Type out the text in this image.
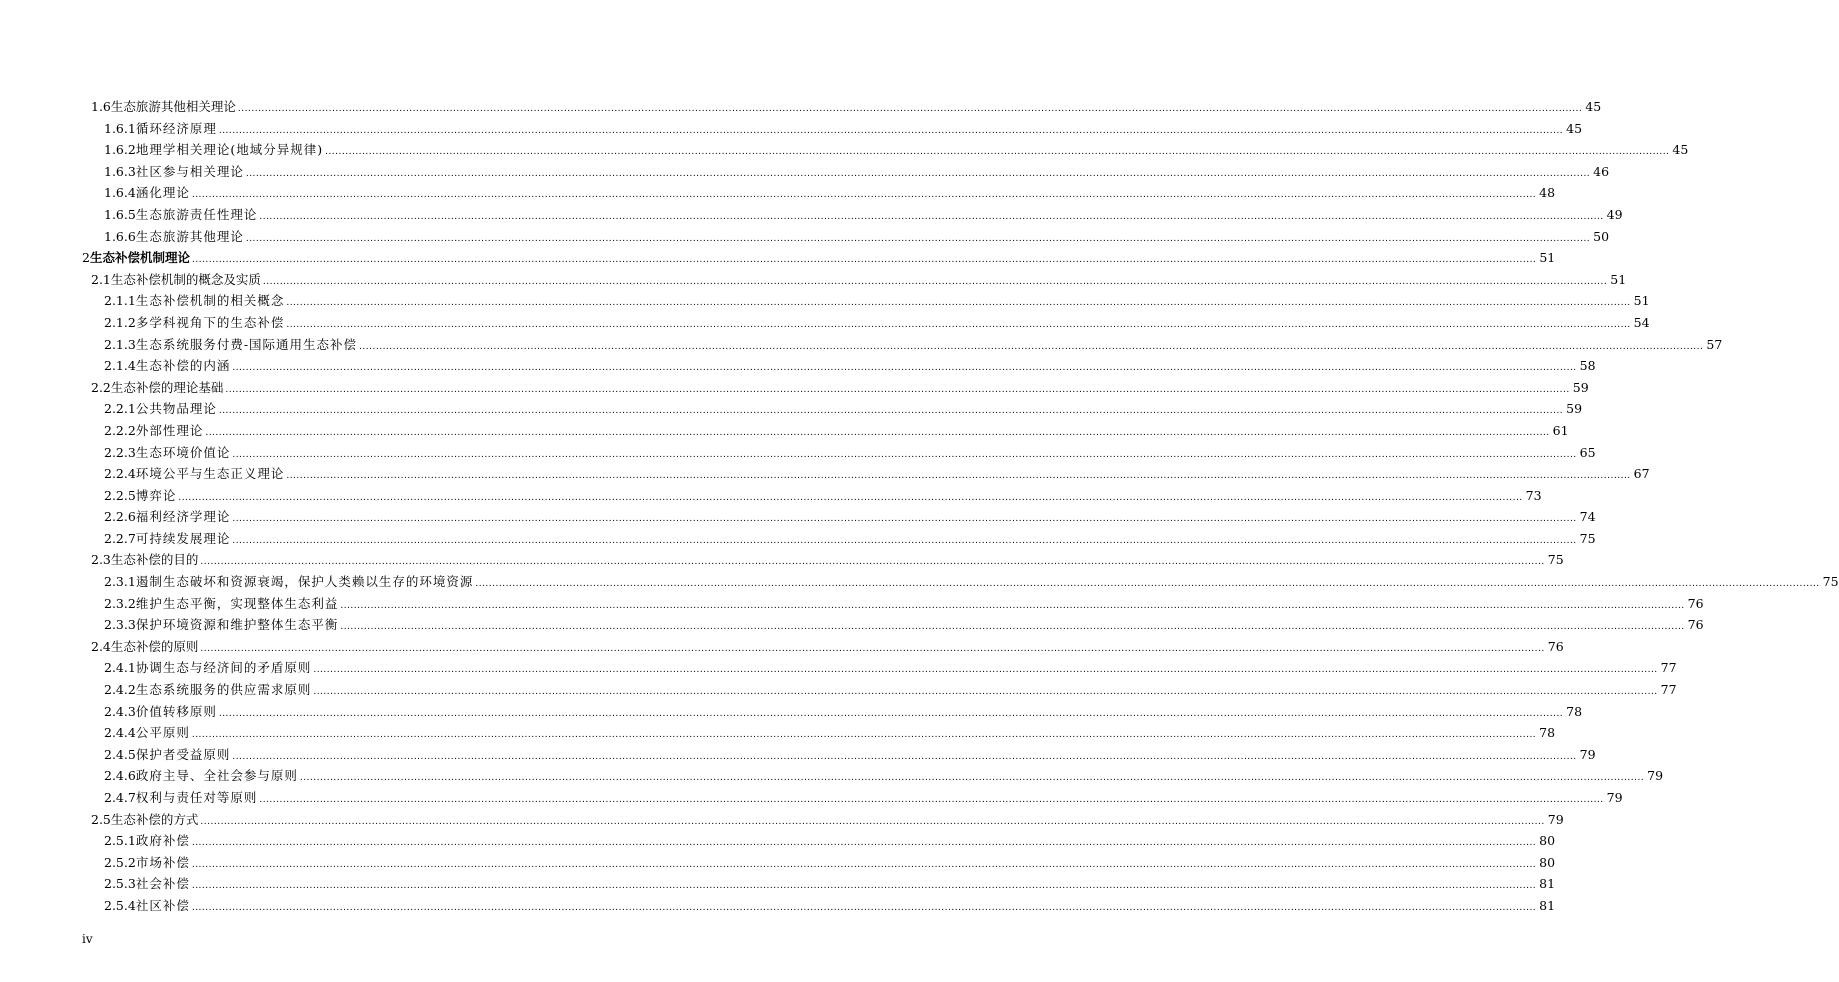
1.6 生态旅游其他相关理论 ................................................................................................................................................................................................................................................................................................................................................................................................................ 45
1.6.1 循环经济原理 ................................................................................................................................................................................................................................................................................................................................................................................................................ 45
1.6.2 地理学相关理论(地域分异规律) ................................................................................................................................................................................................................................................................................................................................................................................................................ 45
1.6.3 社区参与相关理论 ................................................................................................................................................................................................................................................................................................................................................................................................................ 46
1.6.4 涵化理论 ................................................................................................................................................................................................................................................................................................................................................................................................................ 48
1.6.5 生态旅游责任性理论 ................................................................................................................................................................................................................................................................................................................................................................................................................ 49
1.6.6 生态旅游其他理论 ................................................................................................................................................................................................................................................................................................................................................................................................................ 50
2 生态补偿机制理论 ................................................................................................................................................................................................................................................................................................................................................................................................................ 51
2.1 生态补偿机制的概念及实质 ................................................................................................................................................................................................................................................................................................................................................................................................................ 51
2.1.1 生态补偿机制的相关概念 ................................................................................................................................................................................................................................................................................................................................................................................................................ 51
2.1.2 多学科视角下的生态补偿 ................................................................................................................................................................................................................................................................................................................................................................................................................ 54
2.1.3 生态系统服务付费-国际通用生态补偿 ................................................................................................................................................................................................................................................................................................................................................................................................................ 57
2.1.4 生态补偿的内涵 ................................................................................................................................................................................................................................................................................................................................................................................................................ 58
2.2 生态补偿的理论基础 ................................................................................................................................................................................................................................................................................................................................................................................................................ 59
2.2.1 公共物品理论 ................................................................................................................................................................................................................................................................................................................................................................................................................ 59
2.2.2 外部性理论 ................................................................................................................................................................................................................................................................................................................................................................................................................ 61
2.2.3 生态环境价值论 ................................................................................................................................................................................................................................................................................................................................................................................................................ 65
2.2.4 环境公平与生态正义理论 ................................................................................................................................................................................................................................................................................................................................................................................................................ 67
2.2.5 博弈论 ................................................................................................................................................................................................................................................................................................................................................................................................................ 73
2.2.6 福利经济学理论 ................................................................................................................................................................................................................................................................................................................................................................................................................ 74
2.2.7 可持续发展理论 ................................................................................................................................................................................................................................................................................................................................................................................................................ 75
2.3 生态补偿的目的 ................................................................................................................................................................................................................................................................................................................................................................................................................ 75
2.3.1 遏制生态破坏和资源衰竭，保护人类赖以生存的环境资源 ................................................................................................................................................................................................................................................................................................................................................................................................................ 75
2.3.2 维护生态平衡，实现整体生态利益 ................................................................................................................................................................................................................................................................................................................................................................................................................ 76
2.3.3 保护环境资源和维护整体生态平衡 ................................................................................................................................................................................................................................................................................................................................................................................................................ 76
2.4 生态补偿的原则 ................................................................................................................................................................................................................................................................................................................................................................................................................ 76
2.4.1 协调生态与经济间的矛盾原则 ................................................................................................................................................................................................................................................................................................................................................................................................................ 77
2.4.2 生态系统服务的供应需求原则 ................................................................................................................................................................................................................................................................................................................................................................................................................ 77
2.4.3 价值转移原则 ................................................................................................................................................................................................................................................................................................................................................................................................................ 78
2.4.4 公平原则 ................................................................................................................................................................................................................................................................................................................................................................................................................ 78
2.4.5 保护者受益原则 ................................................................................................................................................................................................................................................................................................................................................................................................................ 79
2.4.6 政府主导、全社会参与原则 ................................................................................................................................................................................................................................................................................................................................................................................................................ 79
2.4.7 权利与责任对等原则 ................................................................................................................................................................................................................................................................................................................................................................................................................ 79
2.5 生态补偿的方式 ................................................................................................................................................................................................................................................................................................................................................................................................................ 79
2.5.1 政府补偿 ................................................................................................................................................................................................................................................................................................................................................................................................................ 80
2.5.2 市场补偿 ................................................................................................................................................................................................................................................................................................................................................................................................................ 80
2.5.3 社会补偿 ................................................................................................................................................................................................................................................................................................................................................................................................................ 81
2.5.4 社区补偿 ................................................................................................................................................................................................................................................................................................................................................................................................................ 81
iv
